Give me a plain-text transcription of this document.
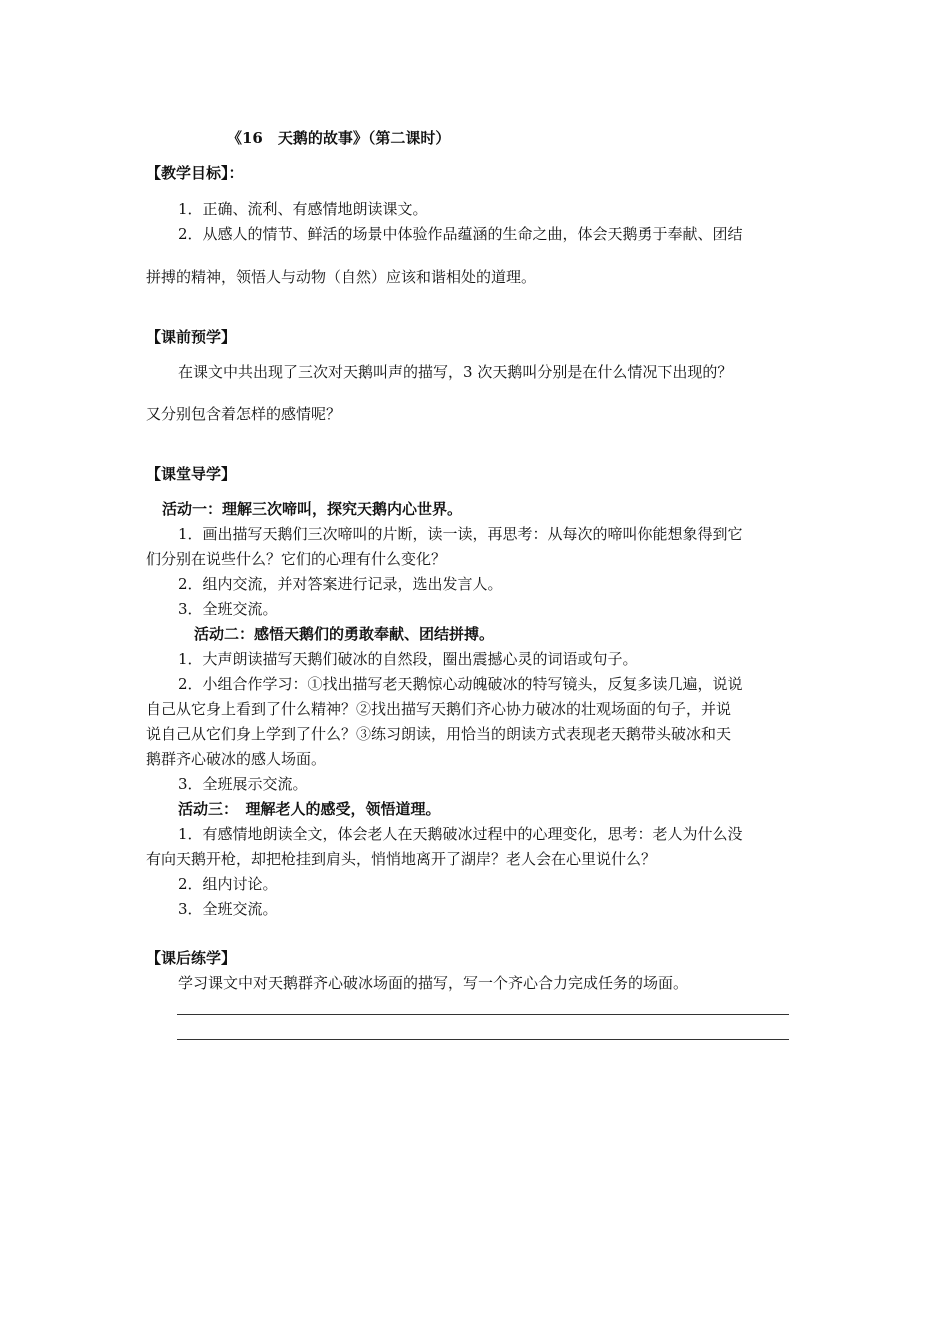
《16　天鹅的故事》（第二课时）
【教学目标】：
1．正确、流利、有感情地朗读课文。
2．从感人的情节、鲜活的场景中体验作品蕴涵的生命之曲，体会天鹅勇于奉献、团结
拼搏的精神，领悟人与动物（自然）应该和谐相处的道理。
【课前预学】
在课文中共出现了三次对天鹅叫声的描写，3 次天鹅叫分别是在什么情况下出现的？
又分别包含着怎样的感情呢？
【课堂导学】
活动一：理解三次啼叫，探究天鹅内心世界。
1．画出描写天鹅们三次啼叫的片断，读一读，再思考：从每次的啼叫你能想象得到它
们分别在说些什么？它们的心理有什么变化？
2．组内交流，并对答案进行记录，选出发言人。
3．全班交流。
活动二：感悟天鹅们的勇敢奉献、团结拼搏。
1．大声朗读描写天鹅们破冰的自然段，圈出震撼心灵的词语或句子。
2．小组合作学习：①找出描写老天鹅惊心动魄破冰的特写镜头，反复多读几遍，说说
自己从它身上看到了什么精神？②找出描写天鹅们齐心协力破冰的壮观场面的句子，并说
说自己从它们身上学到了什么？③练习朗读，用恰当的朗读方式表现老天鹅带头破冰和天
鹅群齐心破冰的感人场面。
3．全班展示交流。
活动三：　理解老人的感受，领悟道理。
1．有感情地朗读全文，体会老人在天鹅破冰过程中的心理变化，思考：老人为什么没
有向天鹅开枪，却把枪挂到肩头，悄悄地离开了湖岸？老人会在心里说什么？
2．组内讨论。
3．全班交流。
【课后练学】
学习课文中对天鹅群齐心破冰场面的描写，写一个齐心合力完成任务的场面。
